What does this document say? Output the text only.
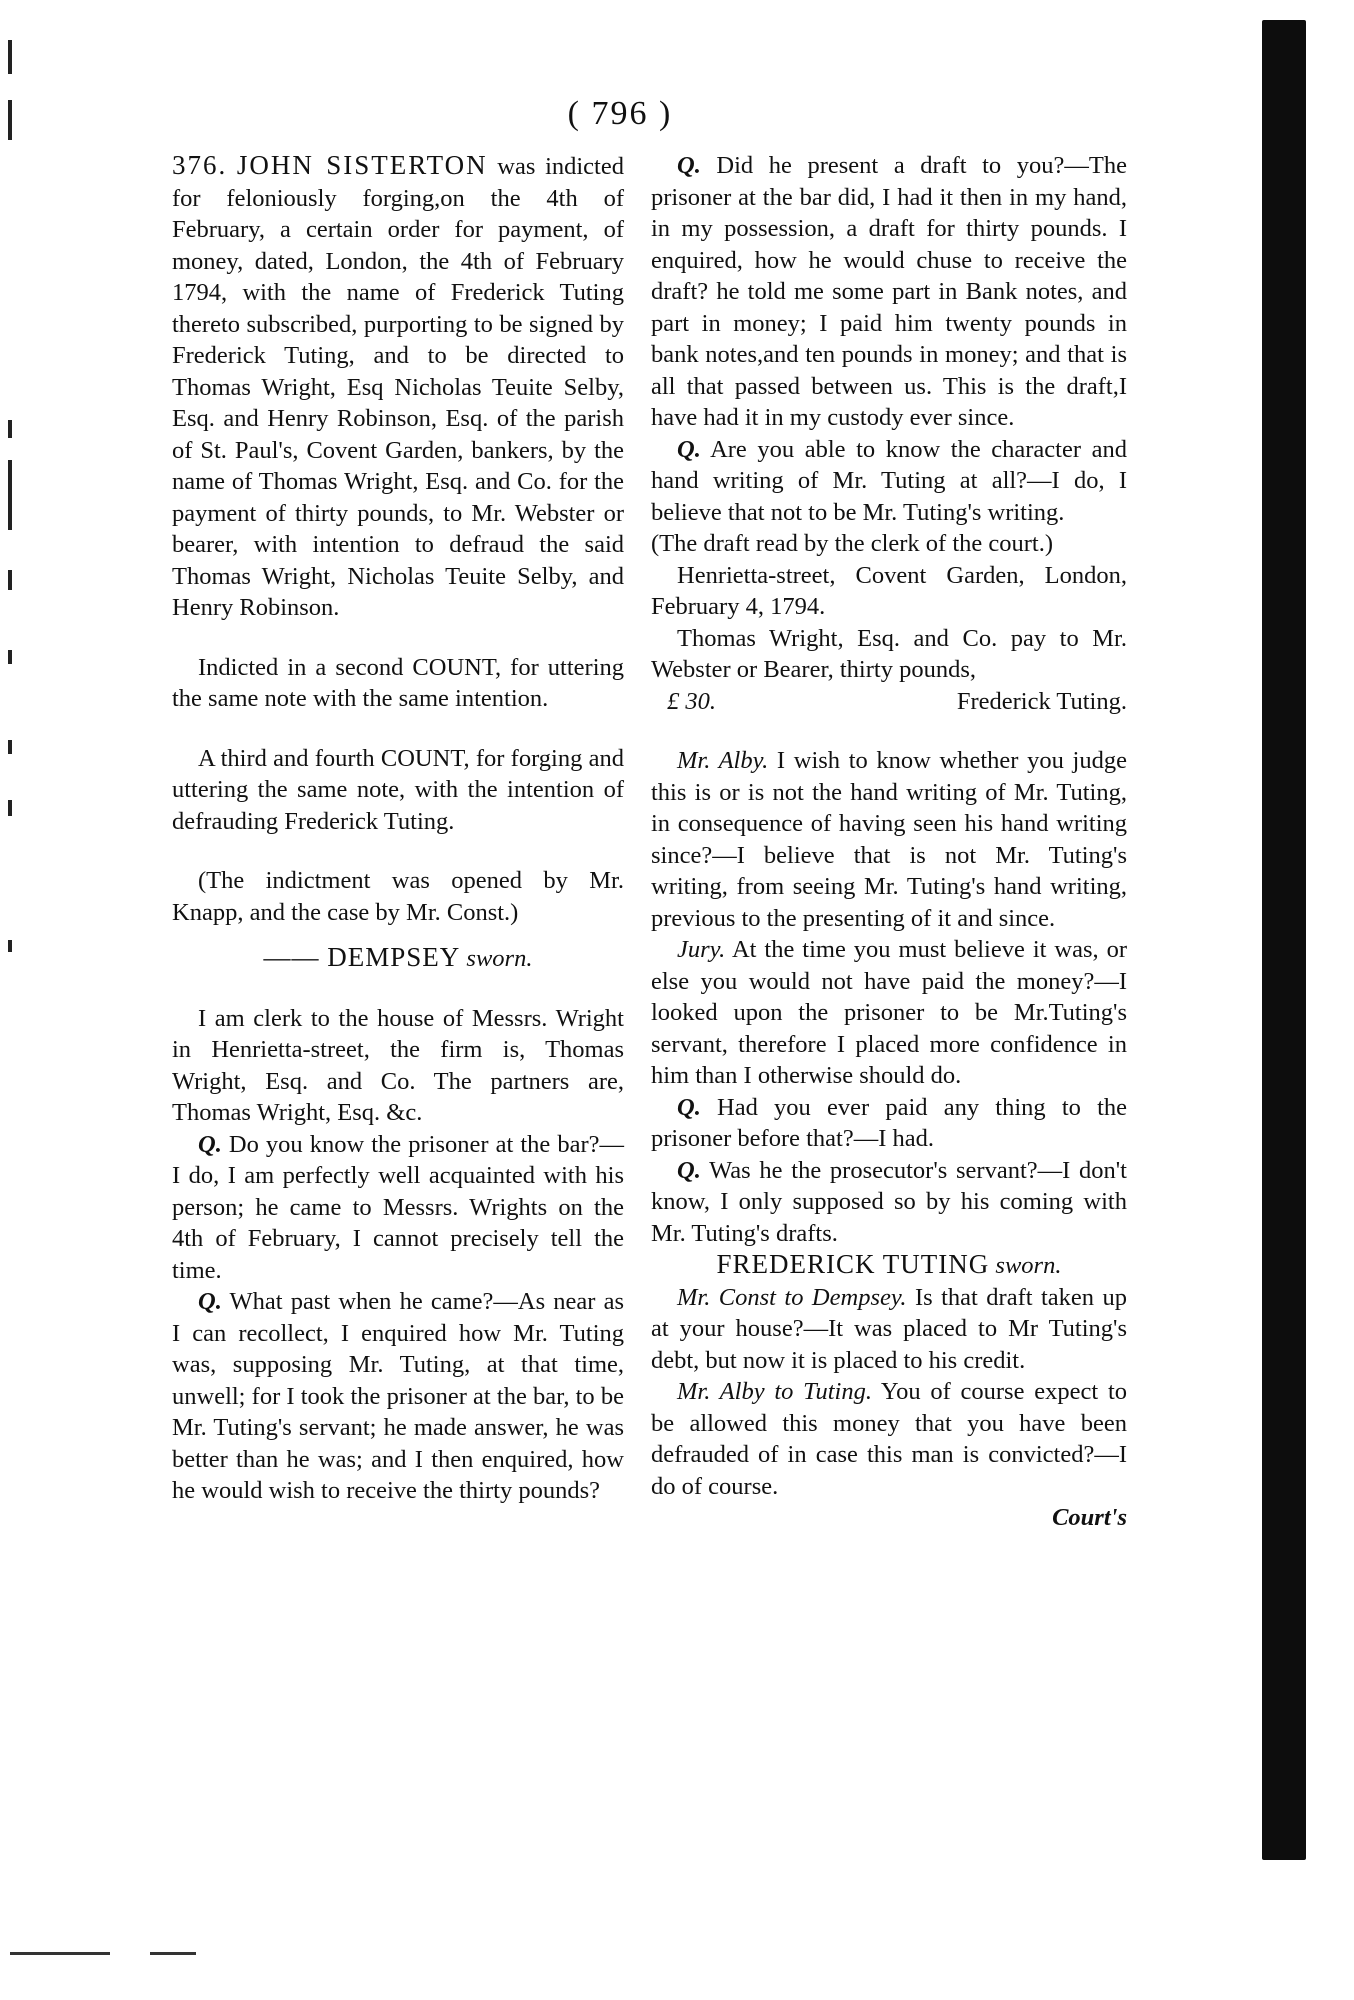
( 796 )

376. JOHN SISTERTON was indicted for feloniously forging,on the 4th of February, a certain order for payment, of money, dated, London, the 4th of February 1794, with the name of Frederick Tuting thereto subscribed, purporting to be signed by Frederick Tuting, and to be directed to Thomas Wright, Esq Nicholas Teuite Selby, Esq. and Henry Robinson, Esq. of the parish of St. Paul's, Covent Garden, bankers, by the name of Thomas Wright, Esq. and Co. for the payment of thirty pounds, to Mr. Webster or bearer, with intention to defraud the said Thomas Wright, Nicholas Teuite Selby, and Henry Robinson.

Indicted in a second COUNT, for uttering the same note with the same intention.

A third and fourth COUNT, for forging and uttering the same note, with the intention of defrauding Frederick Tuting.

(The indictment was opened by Mr. Knapp, and the case by Mr. Const.)

—— DEMPSEY sworn.

I am clerk to the house of Messrs. Wright in Henrietta-street, the firm is, Thomas Wright, Esq. and Co. The partners are, Thomas Wright, Esq. &c.

Q. Do you know the prisoner at the bar?—I do, I am perfectly well acquainted with his person; he came to Messrs. Wrights on the 4th of February, I cannot precisely tell the time.

Q. What past when he came?—As near as I can recollect, I enquired how Mr. Tuting was, supposing Mr. Tuting, at that time, unwell; for I took the prisoner at the bar, to be Mr. Tuting's servant; he made answer, he was better than he was; and I then enquired, how he would wish to receive the thirty pounds?

Q. Did he present a draft to you?—The prisoner at the bar did, I had it then in my hand, in my possession, a draft for thirty pounds. I enquired, how he would chuse to receive the draft? he told me some part in Bank notes, and part in money; I paid him twenty pounds in bank notes,and ten pounds in money; and that is all that passed between us. This is the draft,I have had it in my custody ever since.

Q. Are you able to know the character and hand writing of Mr. Tuting at all?—I do, I believe that not to be Mr. Tuting's writing.

(The draft read by the clerk of the court.)

Henrietta-street, Covent Garden, London, February 4, 1794.

Thomas Wright, Esq. and Co. pay to Mr. Webster or Bearer, thirty pounds,

£ 30.	Frederick Tuting.

Mr. Alby. I wish to know whether you judge this is or is not the hand writing of Mr. Tuting, in consequence of having seen his hand writing since?—I believe that is not Mr. Tuting's writing, from seeing Mr. Tuting's hand writing, previous to the presenting of it and since.

Jury. At the time you must believe it was, or else you would not have paid the money?—I looked upon the prisoner to be Mr.Tuting's servant, therefore I placed more confidence in him than I otherwise should do.

Q. Had you ever paid any thing to the prisoner before that?—I had.

Q. Was he the prosecutor's servant?—I don't know, I only supposed so by his coming with Mr. Tuting's drafts.

FREDERICK TUTING sworn.

Mr. Const to Dempsey. Is that draft taken up at your house?—It was placed to Mr Tuting's debt, but now it is placed to his credit.

Mr. Alby to Tuting. You of course expect to be allowed this money that you have been defrauded of in case this man is convicted?—I do of course.

Court's
